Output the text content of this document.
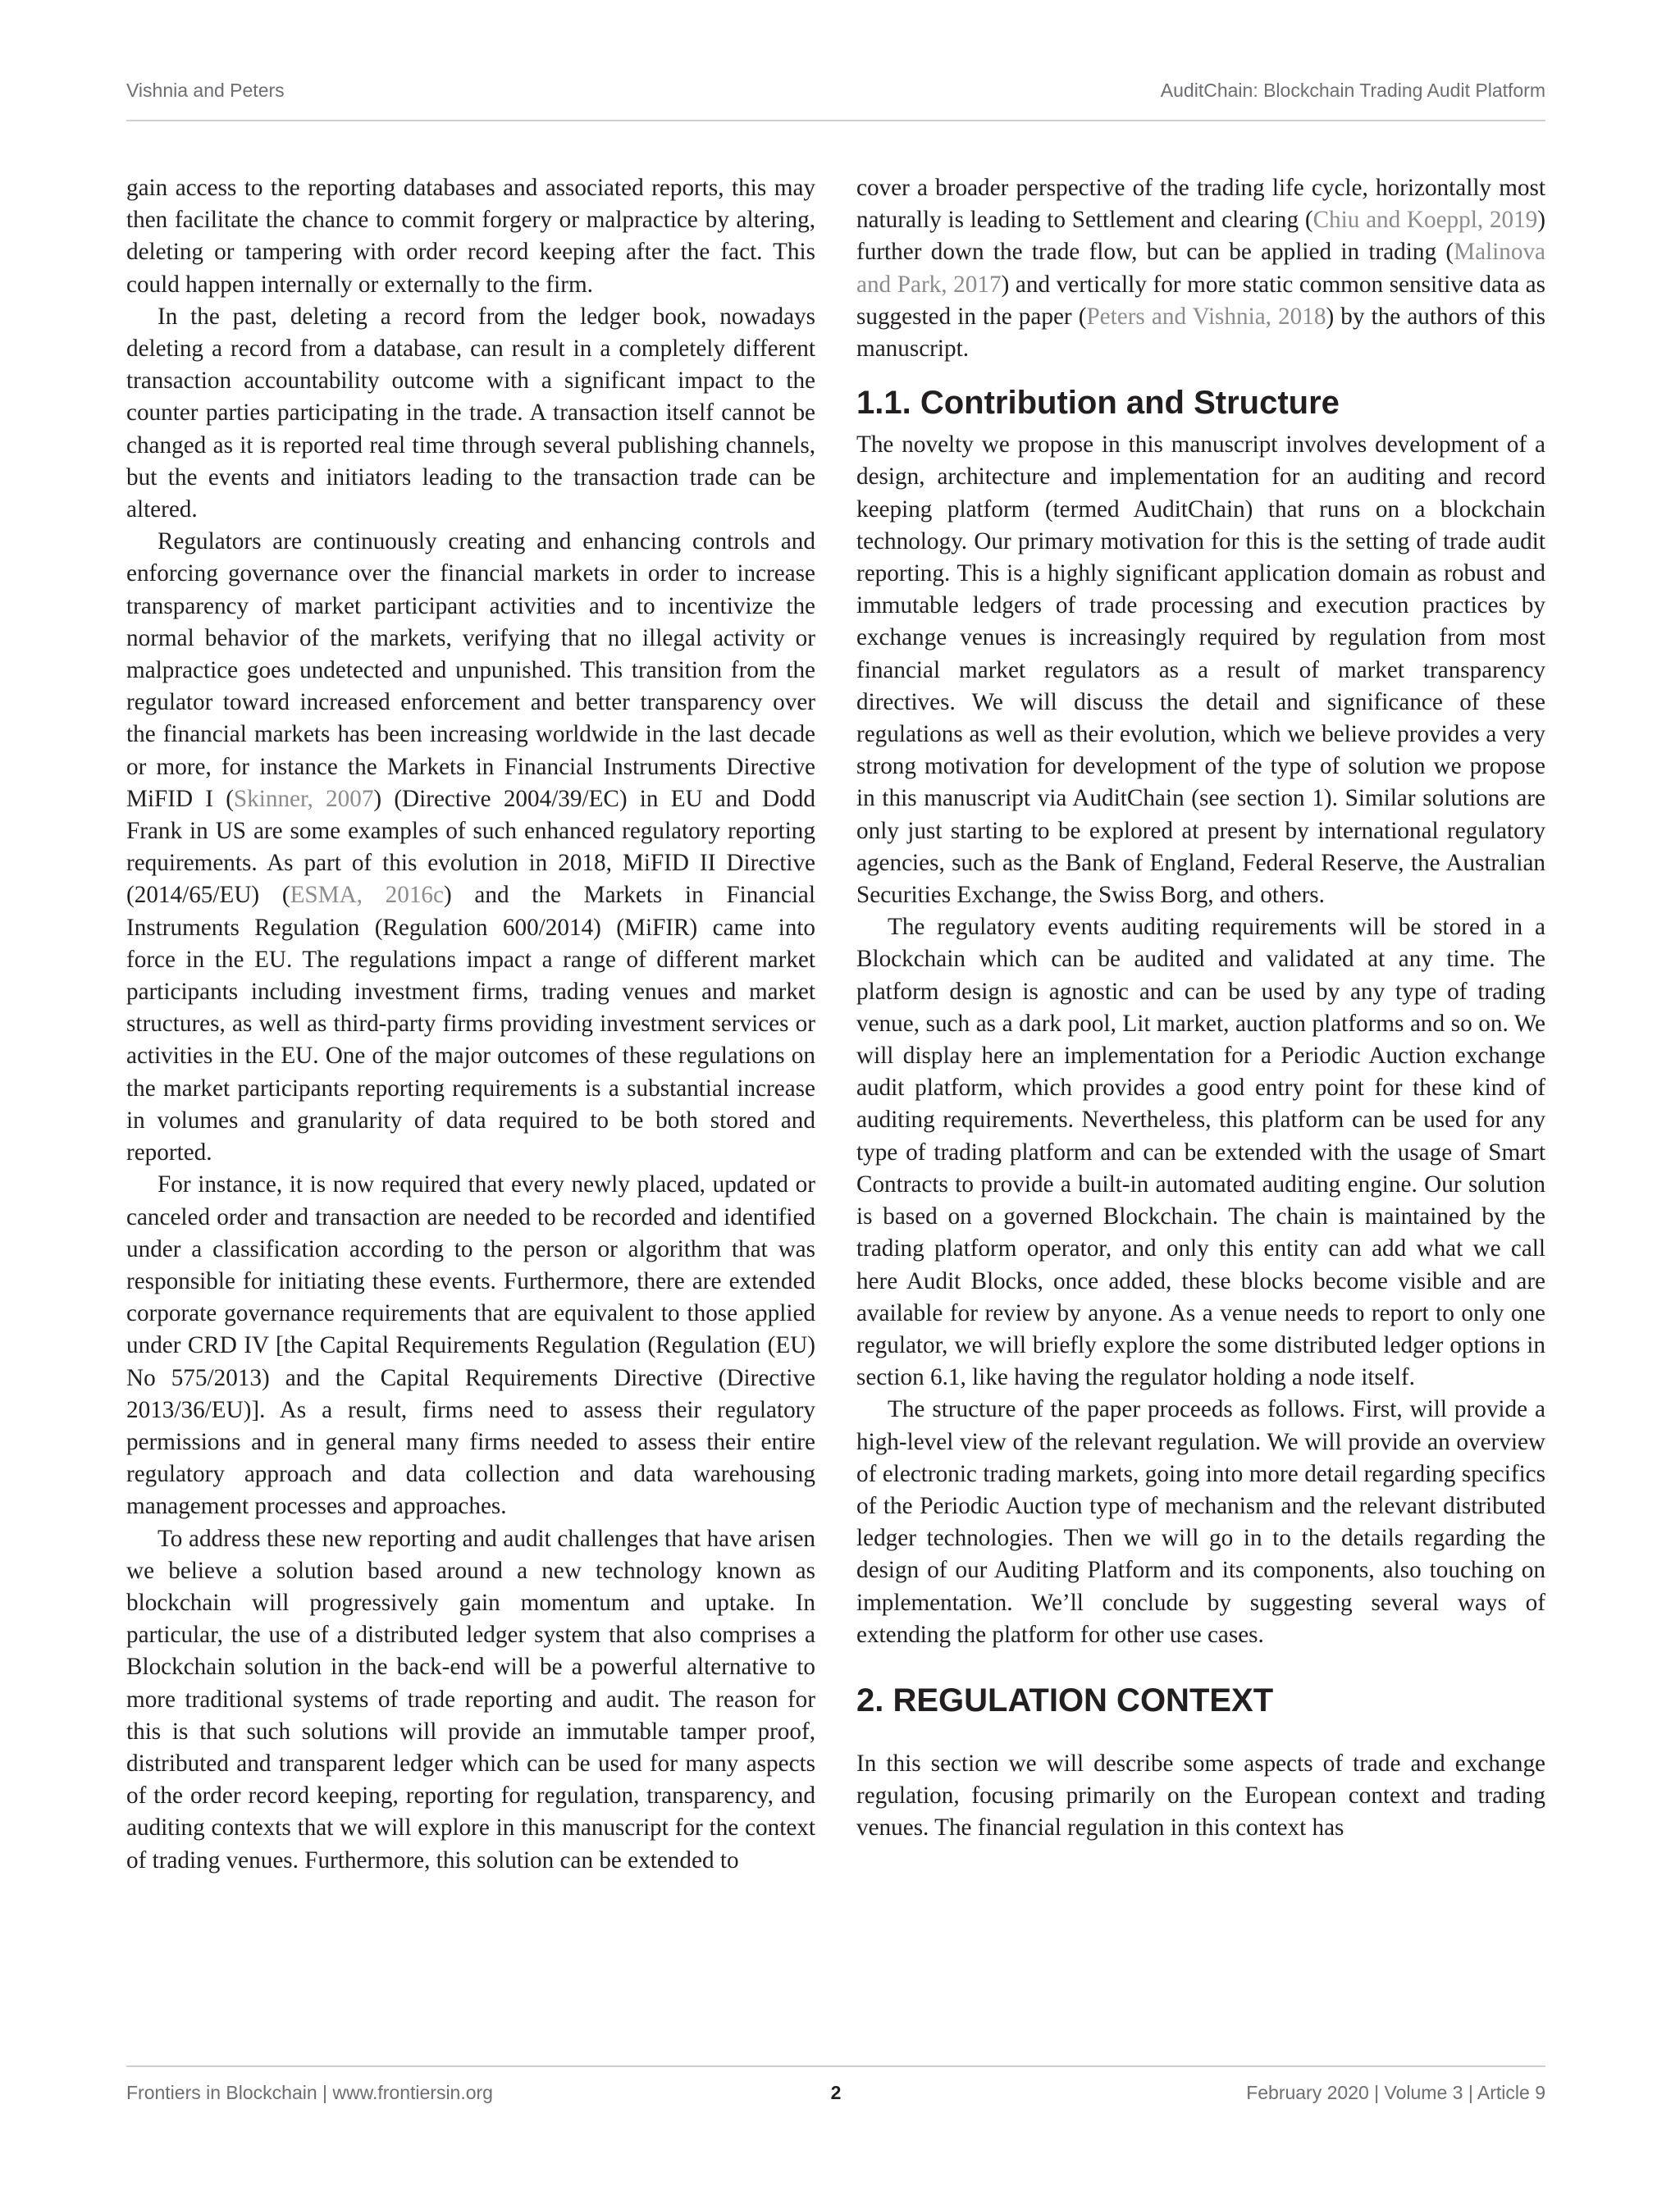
Vishnia and Peters	AuditChain: Blockchain Trading Audit Platform

gain access to the reporting databases and associated reports, this may then facilitate the chance to commit forgery or malpractice by altering, deleting or tampering with order record keeping after the fact. This could happen internally or externally to the firm.

In the past, deleting a record from the ledger book, nowadays deleting a record from a database, can result in a completely different transaction accountability outcome with a significant impact to the counter parties participating in the trade. A transaction itself cannot be changed as it is reported real time through several publishing channels, but the events and initiators leading to the transaction trade can be altered.

Regulators are continuously creating and enhancing controls and enforcing governance over the financial markets in order to increase transparency of market participant activities and to incentivize the normal behavior of the markets, verifying that no illegal activity or malpractice goes undetected and unpunished. This transition from the regulator toward increased enforcement and better transparency over the financial markets has been increasing worldwide in the last decade or more, for instance the Markets in Financial Instruments Directive MiFID I (Skinner, 2007) (Directive 2004/39/EC) in EU and Dodd Frank in US are some examples of such enhanced regulatory reporting requirements. As part of this evolution in 2018, MiFID II Directive (2014/65/EU) (ESMA, 2016c) and the Markets in Financial Instruments Regulation (Regulation 600/2014) (MiFIR) came into force in the EU. The regulations impact a range of different market participants including investment firms, trading venues and market structures, as well as third-party firms providing investment services or activities in the EU. One of the major outcomes of these regulations on the market participants reporting requirements is a substantial increase in volumes and granularity of data required to be both stored and reported.

For instance, it is now required that every newly placed, updated or canceled order and transaction are needed to be recorded and identified under a classification according to the person or algorithm that was responsible for initiating these events. Furthermore, there are extended corporate governance requirements that are equivalent to those applied under CRD IV [the Capital Requirements Regulation (Regulation (EU) No 575/2013) and the Capital Requirements Directive (Directive 2013/36/EU)]. As a result, firms need to assess their regulatory permissions and in general many firms needed to assess their entire regulatory approach and data collection and data warehousing management processes and approaches.

To address these new reporting and audit challenges that have arisen we believe a solution based around a new technology known as blockchain will progressively gain momentum and uptake. In particular, the use of a distributed ledger system that also comprises a Blockchain solution in the back-end will be a powerful alternative to more traditional systems of trade reporting and audit. The reason for this is that such solutions will provide an immutable tamper proof, distributed and transparent ledger which can be used for many aspects of the order record keeping, reporting for regulation, transparency, and auditing contexts that we will explore in this manuscript for the context of trading venues. Furthermore, this solution can be extended to

cover a broader perspective of the trading life cycle, horizontally most naturally is leading to Settlement and clearing (Chiu and Koeppl, 2019) further down the trade flow, but can be applied in trading (Malinova and Park, 2017) and vertically for more static common sensitive data as suggested in the paper (Peters and Vishnia, 2018) by the authors of this manuscript.

1.1. Contribution and Structure

The novelty we propose in this manuscript involves development of a design, architecture and implementation for an auditing and record keeping platform (termed AuditChain) that runs on a blockchain technology. Our primary motivation for this is the setting of trade audit reporting. This is a highly significant application domain as robust and immutable ledgers of trade processing and execution practices by exchange venues is increasingly required by regulation from most financial market regulators as a result of market transparency directives. We will discuss the detail and significance of these regulations as well as their evolution, which we believe provides a very strong motivation for development of the type of solution we propose in this manuscript via AuditChain (see section 1). Similar solutions are only just starting to be explored at present by international regulatory agencies, such as the Bank of England, Federal Reserve, the Australian Securities Exchange, the Swiss Borg, and others.

The regulatory events auditing requirements will be stored in a Blockchain which can be audited and validated at any time. The platform design is agnostic and can be used by any type of trading venue, such as a dark pool, Lit market, auction platforms and so on. We will display here an implementation for a Periodic Auction exchange audit platform, which provides a good entry point for these kind of auditing requirements. Nevertheless, this platform can be used for any type of trading platform and can be extended with the usage of Smart Contracts to provide a built-in automated auditing engine. Our solution is based on a governed Blockchain. The chain is maintained by the trading platform operator, and only this entity can add what we call here Audit Blocks, once added, these blocks become visible and are available for review by anyone. As a venue needs to report to only one regulator, we will briefly explore the some distributed ledger options in section 6.1, like having the regulator holding a node itself.

The structure of the paper proceeds as follows. First, will provide a high-level view of the relevant regulation. We will provide an overview of electronic trading markets, going into more detail regarding specifics of the Periodic Auction type of mechanism and the relevant distributed ledger technologies. Then we will go in to the details regarding the design of our Auditing Platform and its components, also touching on implementation. We’ll conclude by suggesting several ways of extending the platform for other use cases.

2. REGULATION CONTEXT

In this section we will describe some aspects of trade and exchange regulation, focusing primarily on the European context and trading venues. The financial regulation in this context has

Frontiers in Blockchain | www.frontiersin.org	2	February 2020 | Volume 3 | Article 9
